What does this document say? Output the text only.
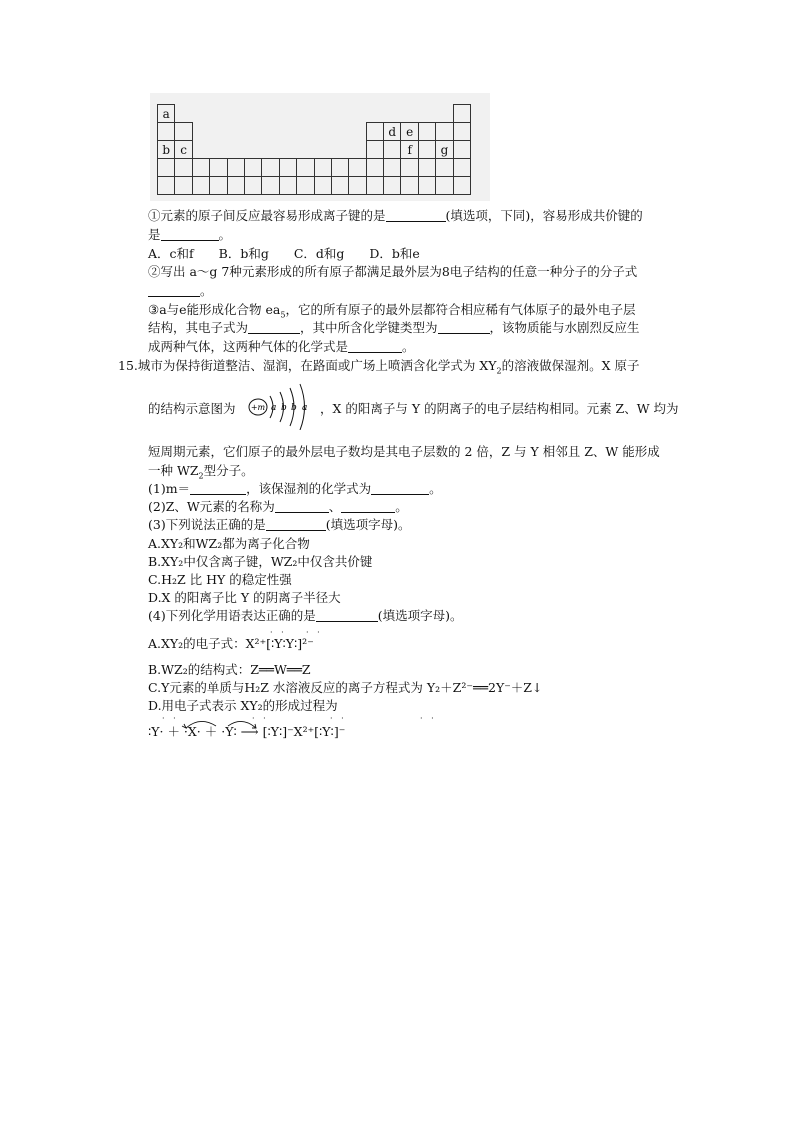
a																	
													d	e			
b	c													f		g	

①元素的原子间反应最容易形成离子键的是	(填选项，下同)，容易形成共价键的
是	。
A．c和f　　B．b和g　　C．d和g　　D．b和e
②写出 a～g 7种元素形成的所有原子都满足最外层为8电子结构的任意一种分子的分子式
。
③a与e能形成化合物 $ea_5$，它的所有原子的最外层都符合相应稀有气体原子的最外电子层
结构，其电子式为	，其中所含化学键类型为	，该物质能与水剧烈反应生
成两种气体，这两种气体的化学式是	。
15.城市为保持街道整洁、湿润，在路面或广场上喷洒含化学式为 $XY_2$的溶液做保湿剂。X 原子
的结构示意图为 +m a b b a ，X 的阳离子与 Y 的阴离子的电子层结构相同。元素 Z、W 均为
短周期元素，它们原子的最外层电子数均是其电子层数的 2 倍，Z 与 Y 相邻且 Z、W 能形成
一种 $WZ_2$型分子。
(1)m＝	，该保湿剂的化学式为	。
(2)Z、W元素的名称为	、	。
(3)下列说法正确的是	(填选项字母)。
A.XY₂和WZ₂都为离子化合物
B.XY₂中仅含离子键，WZ₂中仅含共价键
C.H₂Z 比 HY 的稳定性强
D.X 的阳离子比 Y 的阴离子半径大
(4)下列化学用语表达正确的是	(填选项字母)。
· · · ·
A.XY₂的电子式：X²⁺[∶Y∶Y∶]²⁻
B.WZ₂的结构式：Z══W══Z
C.Y元素的单质与H₂Z 水溶液反应的离子方程式为 Y₂＋Z²⁻══2Y⁻＋Z↓
D.用电子式表示 XY₂的形成过程为
· ·	· ·	· ·	· ·
∶Y· ＋ ·X· ＋ ·Y∶ ⟶ [∶Y∶]⁻X²⁺[∶Y∶]⁻
